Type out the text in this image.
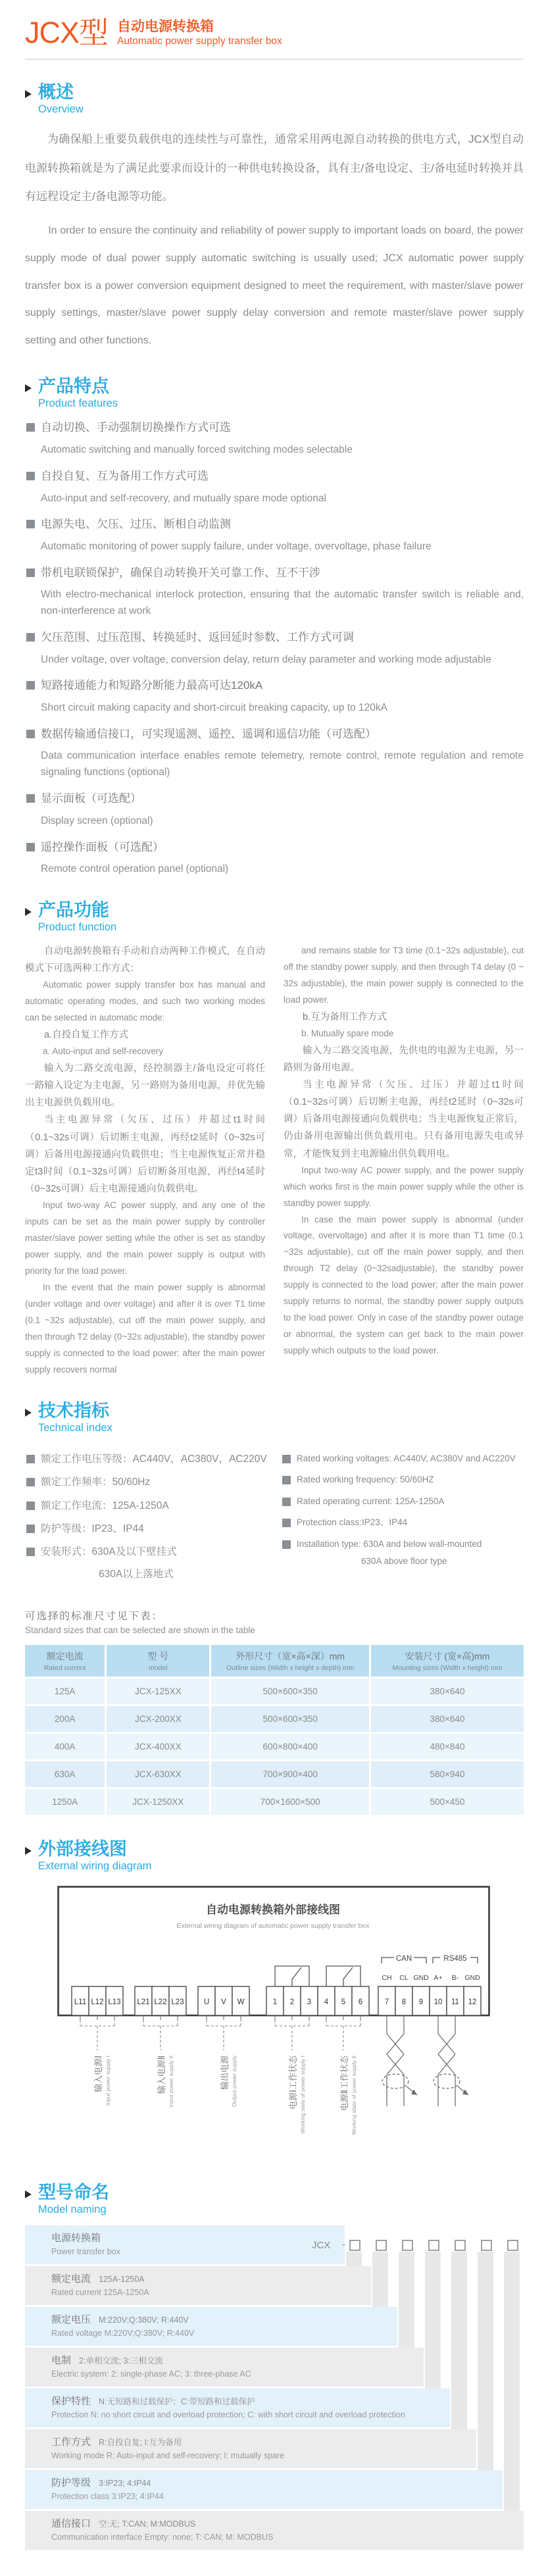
JCX型 自动电源转换箱
Automatic power supply transfer box
概述
Overview

为确保船上重要负载供电的连续性与可靠性，通常采用两电源自动转换的供电方式，JCX型自动电源转换箱就是为了满足此要求而设计的一种供电转换设备，具有主/备电设定、主/备电延时转换并具有远程设定主/备电源等功能。

In order to ensure the continuity and reliability of power supply to important loads on board, the power supply mode of dual power supply automatic switching is usually used; JCX automatic power supply transfer box is a power conversion equipment designed to meet the requirement, with master/slave power supply settings, master/slave power supply delay conversion and remote master/slave power supply setting and other functions.

产品特点
Product features
自动切换、手动强制切换操作方式可选
Automatic switching and manually forced switching modes selectable
自投自复、互为备用工作方式可选
Auto-input and self-recovery, and mutually spare mode optional
电源失电、欠压、过压、断相自动监测
Automatic monitoring of power supply failure, under voltage, overvoltage, phase failure
带机电联锁保护，确保自动转换开关可靠工作、互不干涉
With electro-mechanical interlock protection, ensuring that the automatic transfer switch is reliable and, non-interference at work
欠压范围、过压范围、转换延时、返回延时参数、工作方式可调
Under voltage, over voltage, conversion delay, return delay parameter and working mode adjustable
短路接通能力和短路分断能力最高可达120kA
Short circuit making capacity and short-circuit breaking capacity, up to 120kA
数据传输通信接口，可实现遥测、遥控、遥调和遥信功能（可选配）
Data communication interface enables remote telemetry, remote control, remote regulation and remote signaling functions (optional)
显示面板（可选配）
Display screen (optional)
遥控操作面板（可选配）
Remote control operation panel (optional)
产品功能
Product function

自动电源转换箱有手动和自动两种工作模式，在自动模式下可选两种工作方式：

Automatic power supply transfer box has manual and automatic operating modes, and such two working modes can be selected in automatic mode:

a.自投自复工作方式

a. Auto-input and self-recovery

输入为二路交流电源，经控制器主/备电设定可将任一路输入设定为主电源，另一路则为备用电源，并优先输出主电源供负载用电。

当主电源异常（欠压、过压）并超过t1时间（0.1~32s可调）后切断主电源，再经t2延时（0~32s可调）后备用电源接通向负载供电；当主电源恢复正常并稳定t3时间（0.1~32s可调）后切断备用电源，再经t4延时（0~32s可调）后主电源接通向负载供电。

Input two-way AC power supply, and any one of the inputs can be set as the main power supply by controller master/slave power setting while the other is set as standby power supply, and the main power supply is output with priority for the load power.

In the event that the main power supply is abnormal (under voltage and over voltage) and after it is over T1 time (0.1 ~32s adjustable), cut off the main power supply, and then through T2 delay (0~32s adjustable), the standby power supply is connected to the load power; after the main power supply recovers normal

and remains stable for T3 time (0.1~32s adjustable), cut off the standby power supply, and then through T4 delay (0 ~ 32s adjustable), the main power supply is connected to the load power.

b.互为备用工作方式

b. Mutually spare mode

输入为二路交流电源，先供电的电源为主电源，另一路则为备用电源。

当主电源异常（欠压、过压）并超过t1时间（0.1~32s可调）后切断主电源，再经t2延时（0~32s可调）后备用电源接通向负载供电；当主电源恢复正常后，仍由备用电源输出供负载用电。只有备用电源失电或异常，才能恢复到主电源输出供负载用电。

Input two-way AC power supply, and the power supply which works first is the main power supply while the other is standby power supply.

In case the main power supply is abnormal (under voltage, overvoltage) and after it is more than T1 time (0.1 ~32s adjustable), cut off the main power supply, and then through T2 delay (0~32sadjustable), the standby power supply is connected to the load power; after the main power supply returns to normal, the standby power supply outputs to the load power. Only in case of the standby power outage or abnormal, the system can get back to the main power supply which outputs to the load power.

技术指标
Technical index
额定工作电压等级：AC440V，AC380V，AC220V
额定工作频率：50/60Hz
额定工作电流：125A-1250A
防护等级：IP23、IP44
安装形式：630A及以下壁挂式
630A以上落地式
Rated working voltages: AC440V, AC380V and AC220V
Rated working frequency: 50/60HZ
Rated operating current: 125A-1250A
Protection class:IP23、IP44
Installation type: 630A and below wall-mounted
630A above floor type
可选择的标准尺寸见下表：
Standard sizes that can be selected are shown in the table
额定电流
Rated current	型 号
model	外形尺寸（宽×高×深）mm
Outline sizes (Width x height x depth) mm	安装尺寸 (宽×高)mm
Mounting sizes (Width x height) mm

125A	JCX-125XX	500×600×350	380×640
200A	JCX-200XX	500×600×350	380×640
400A	JCX-400XX	600×800×400	480×840
630A	JCX-630XX	700×900×400	580×940
1250A	JCX-1250XX	700×1600×500	500×450
外部接线图
External wiring diagram
自动电源转换箱外部接线图
External wiring diagram of automatic power supply transfer box
CAN	RS485
CH CL GND A+ B- GND
L11 L12 L13 L21 L22 L23	U V W	1 2 3 4 5 6	7 8 9 10 11 12
输入电源Ⅰ Input power supply I	输入电源Ⅱ Input power supply II	输出电源 Output power supply	电源Ⅰ工作状态 Working state of power supply I	电源Ⅱ工作状态 Working state of power supply II
型号命名
Model naming
JCX -
电源转换箱
Power transfer box
额定电流 125A-1250A
Rated current 125A-1250A
额定电压 M:220V;Q:380V; R:440V
Rated voltage M:220V;Q:380V; R:440V
电制 2:单相交流; 3:三相交流
Electric system: 2: single-phase AC; 3: three-phase AC
保护特性 N:无短路和过载保护；C:带短路和过载保护
Protection N: no short circuit and overload protection; C: with short circuit and overload protection
工作方式 R:自投自复; I:互为备用
Working mode R: Auto-input and self-recovery; I: mutually spare
防护等级 3:IP23; 4:IP44
Protection class 3:IP23; 4:IP44
通信接口 空:无; T:CAN; M:MODBUS
Communication interface Empty: none; T: CAN; M: MODBUS
